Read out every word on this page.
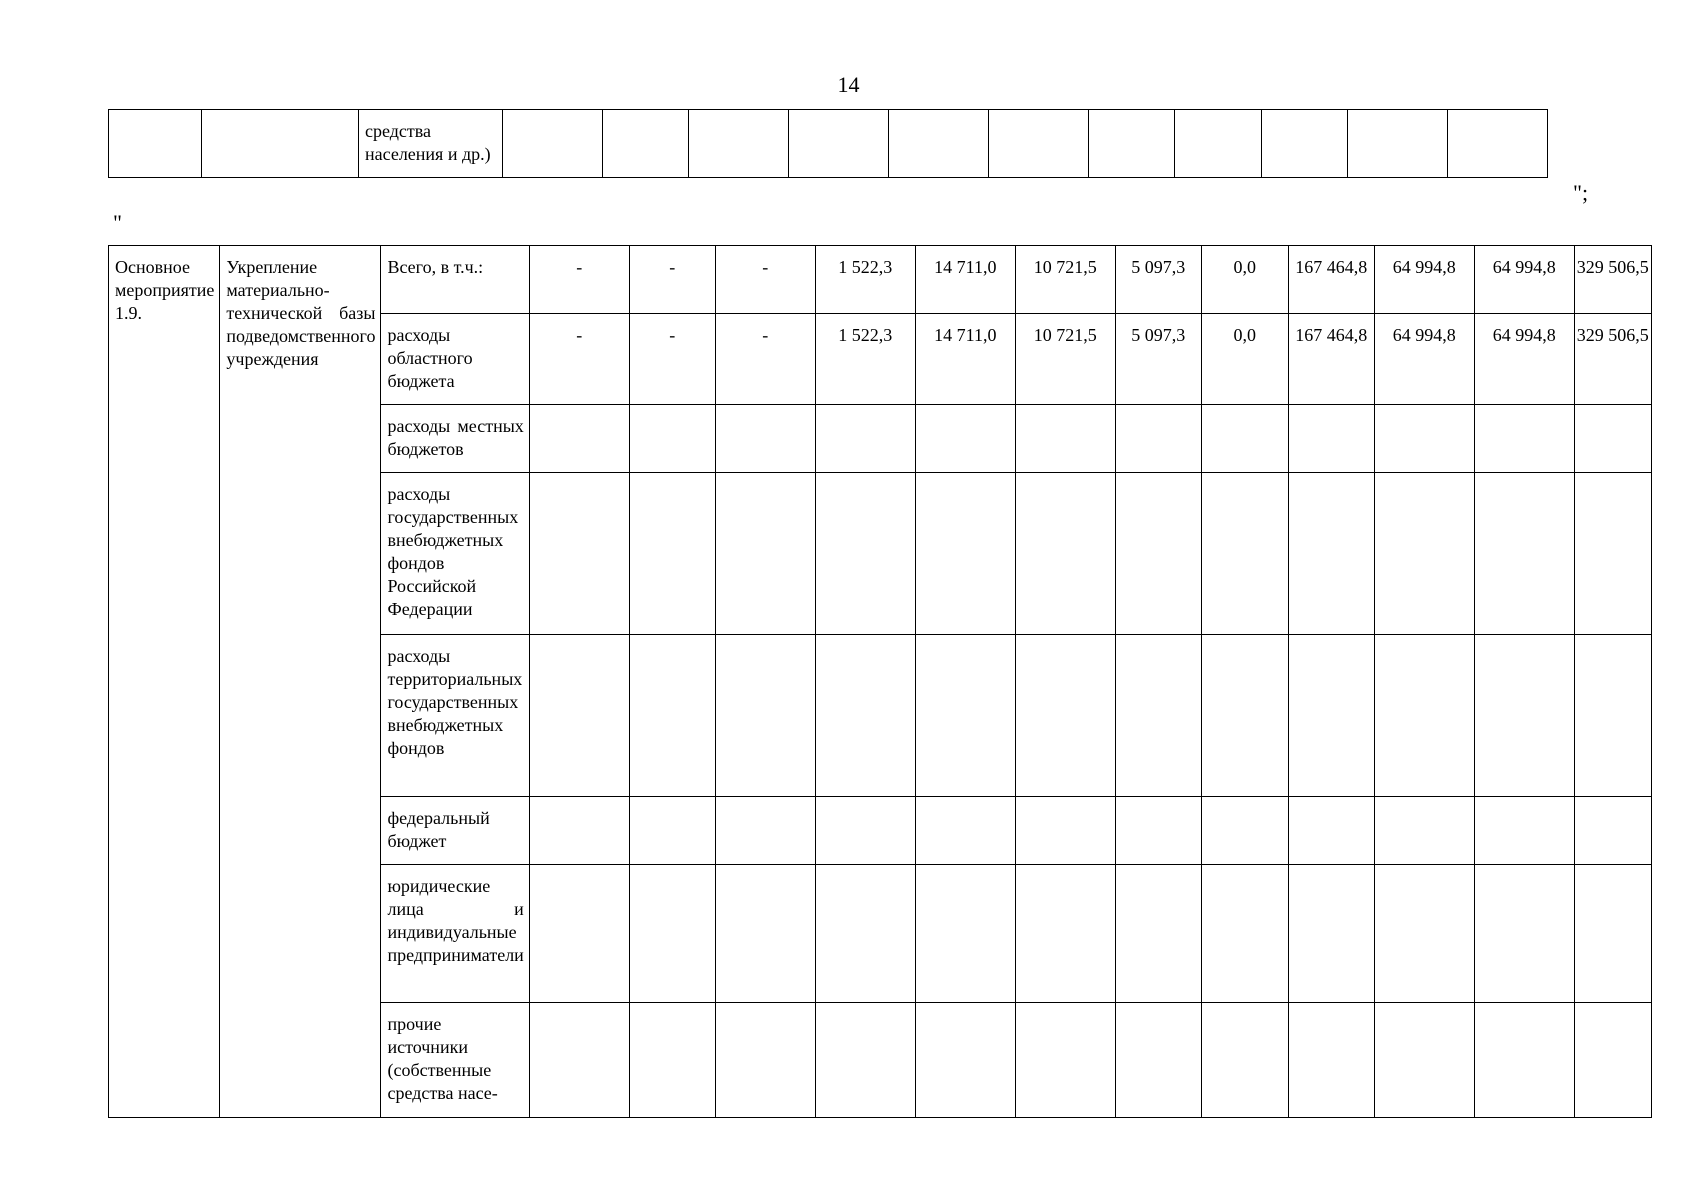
14
";
"
		средства населения и др.)											
Основное мероприятие 1.9.	Укрепление материально-технической базы подведомственного учреждения	Всего, в т.ч.:	-	-	-	1 522,3	14 711,0	10 721,5	5 097,3	0,0	167 464,8	64 994,8	64 994,8	329 506,5
		расходы областного бюджета	-	-	-	1 522,3	14 711,0	10 721,5	5 097,3	0,0	167 464,8	64 994,8	64 994,8	329 506,5
		расходы местных бюджетов												
		расходы государственных внебюджетных фондов Российской Федерации												
		расходы территориальных государственных внебюджетных фондов												
		федеральный бюджет												
		юридические лица и индивидуальные предприниматели												
		прочие источники (собственные средства насе-												
